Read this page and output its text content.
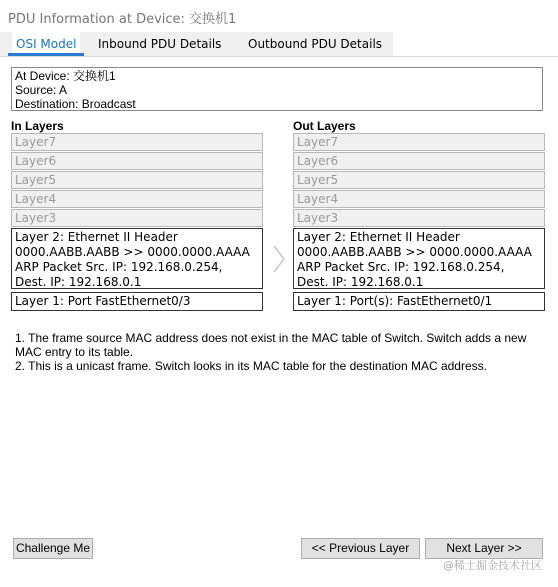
PDU Information at Device: 交换机1
OSI Model	Inbound PDU Details Outbound PDU Details
At Device: 交换机1
Source: A
Destination: Broadcast
In Layers
Layer7
Layer6
Layer5
Layer4
Layer3
Layer 2: Ethernet II Header
0000.AABB.AABB >> 0000.0000.AAAA
ARP Packet Src. IP: 192.168.0.254,
Dest. IP: 192.168.0.1
Layer 1: Port FastEthernet0/3
Out Layers
Layer7
Layer6
Layer5
Layer4
Layer3
Layer 2: Ethernet II Header
0000.AABB.AABB >> 0000.0000.AAAA
ARP Packet Src. IP: 192.168.0.254,
Dest. IP: 192.168.0.1
Layer 1: Port(s): FastEthernet0/1
1. The frame source MAC address does not exist in the MAC table of Switch. Switch adds a new MAC entry to its table.
2. This is a unicast frame. Switch looks in its MAC table for the destination MAC address.
Challenge Me	<< Previous Layer	Next Layer >>
@稀土掘金技术社区
